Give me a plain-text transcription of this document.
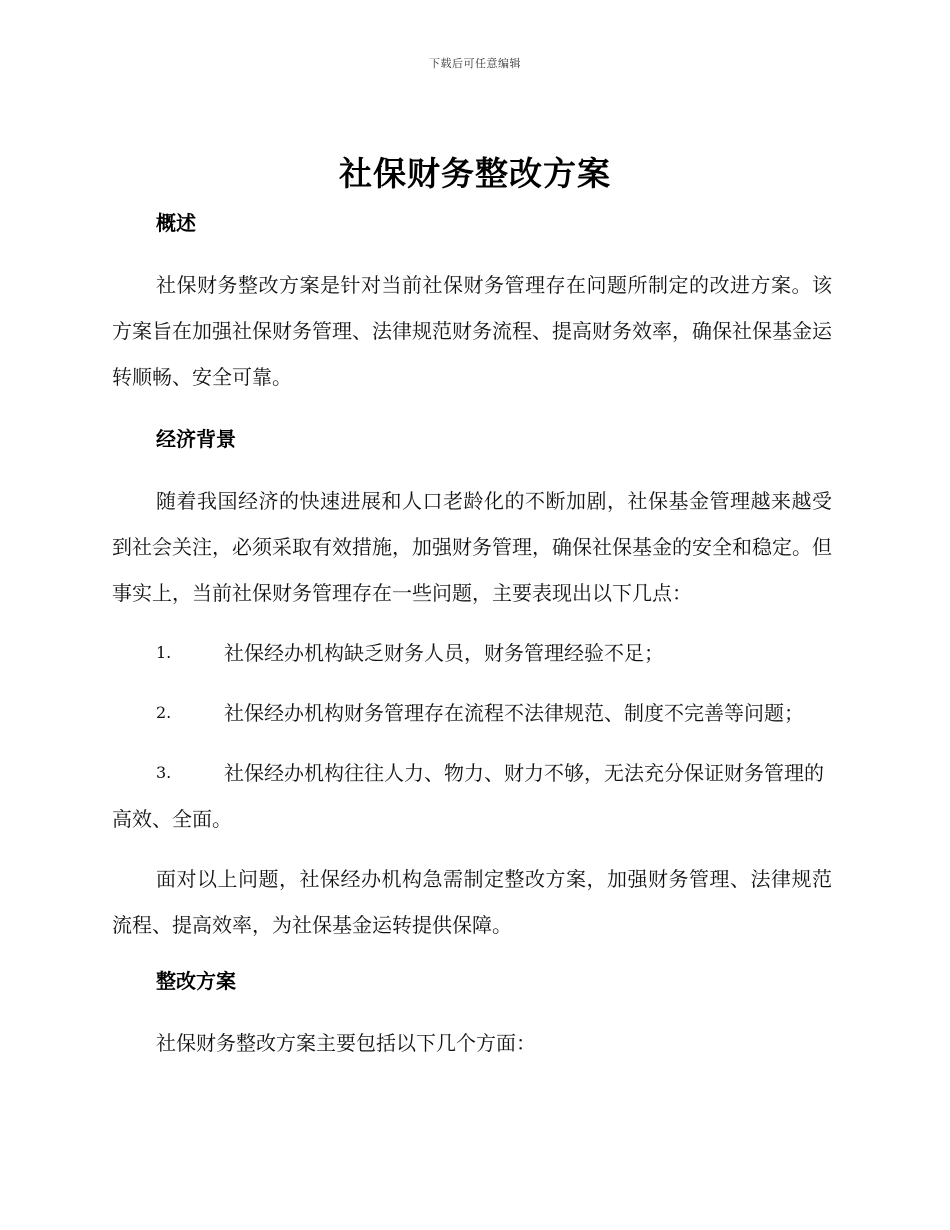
下载后可任意编辑
社保财务整改方案

概述

社保财务整改方案是针对当前社保财务管理存在问题所制定的改进方案。该方案旨在加强社保财务管理、法律规范财务流程、提高财务效率，确保社保基金运转顺畅、安全可靠。

经济背景

随着我国经济的快速进展和人口老龄化的不断加剧，社保基金管理越来越受到社会关注，必须采取有效措施，加强财务管理，确保社保基金的安全和稳定。但事实上，当前社保财务管理存在一些问题，主要表现出以下几点：

1.	社保经办机构缺乏财务人员，财务管理经验不足；

2.	社保经办机构财务管理存在流程不法律规范、制度不完善等问题；

3.	社保经办机构往往人力、物力、财力不够，无法充分保证财务管理的高效、全面。

面对以上问题，社保经办机构急需制定整改方案，加强财务管理、法律规范流程、提高效率，为社保基金运转提供保障。

整改方案

社保财务整改方案主要包括以下几个方面：
